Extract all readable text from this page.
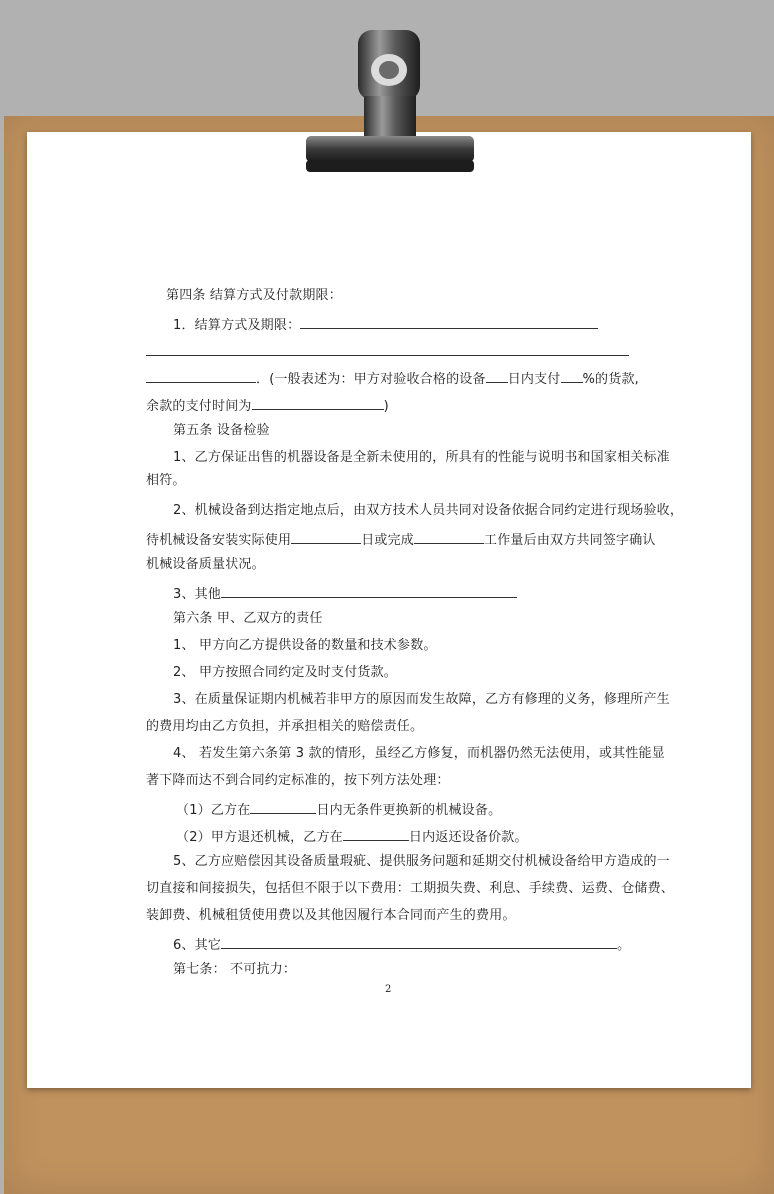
第四条 结算方式及付款期限：
1．结算方式及期限：
．(一般表述为：甲方对验收合格的设备 日内支付 %的货款,
余款的支付时间为	)
第五条 设备检验
1、乙方保证出售的机器设备是全新未使用的，所具有的性能与说明书和国家相关标准
相符。
2、机械设备到达指定地点后，由双方技术人员共同对设备依据合同约定进行现场验收，
待机械设备安装实际使用	日或完成	工作量后由双方共同签字确认
机械设备质量状况。
3、其他
第六条 甲、乙双方的责任
1、 甲方向乙方提供设备的数量和技术参数。
2、 甲方按照合同约定及时支付货款。
3、在质量保证期内机械若非甲方的原因而发生故障，乙方有修理的义务，修理所产生
的费用均由乙方负担，并承担相关的赔偿责任。
4、 若发生第六条第 3 款的情形，虽经乙方修复，而机器仍然无法使用，或其性能显
著下降而达不到合同约定标准的，按下列方法处理：
（1）乙方在	日内无条件更换新的机械设备。
（2）甲方退还机械，乙方在	日内返还设备价款。
5、乙方应赔偿因其设备质量瑕疵、提供服务问题和延期交付机械设备给甲方造成的一
切直接和间接损失，包括但不限于以下费用：工期损失费、利息、手续费、运费、仓储费、
装卸费、机械租赁使用费以及其他因履行本合同而产生的费用。
6、其它	。
第七条： 不可抗力：
2
